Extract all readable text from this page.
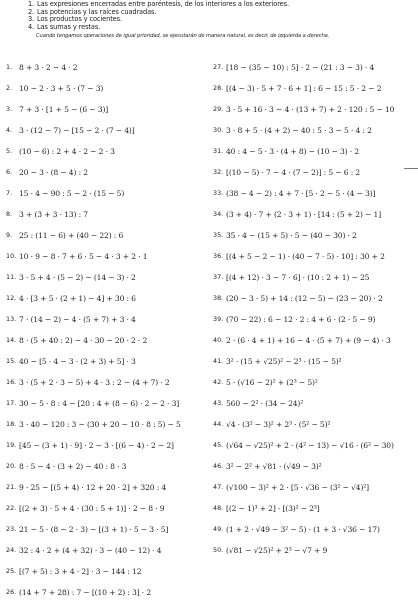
1. Las expresiones encerradas entre paréntesis, de los interiores a los exteriores.
2. Las potencias y las raíces cuadradas.
3. Los productos y cocientes.
4. Las sumas y restas.
Cuando tengamos operaciones de igual prioridad, se ejecutarán de manera natural, es decir, de izquierda a derecha.
1. 8 + 3 · 2 − 4 · 2
2. 10 − 2 · 3 + 5 · (7 − 3)
3. 7 + 3 · [1 + 5 − (6 − 3)]
4. 3 · (12 − 7) − [15 − 2 · (7 − 4)]
5. (10 − 6) : 2 + 4 · 2 − 2 · 3
6. 20 − 3 · (8 − 4) : 2
7. 15 · 4 − 90 : 5 − 2 · (15 − 5)
8. 3 + (3 + 3 · 13) : 7
9. 25 : (11 − 6) + (40 − 22) : 6
10. 10 · 9 − 8 · 7 + 6 · 5 − 4 · 3 + 2 · 1
11. 3 · 5 + 4 · (5 − 2) − (14 − 3) · 2
12. 4 · [3 + 5 · (2 + 1) − 4] + 30 : 6
13. 7 · (14 − 2) − 4 · (5 + 7) + 3 · 4
14. 8 · (5 + 40 : 2) − 4 · 30 − 20 · 2 · 2
15. 40 − [5 · 4 − 3 · (2 + 3) + 5] · 3
16. 3 · (5 + 2 · 3 − 5) + 4 · 3 : 2 − (4 + 7) · 2
17. 30 − 5 · 8 : 4 − [20 : 4 + (8 − 6) · 2 − 2 · 3]
18. 3 · 40 − 120 : 3 − (30 + 20 − 10 · 8 : 5) − 5
19. [45 − (3 + 1) · 9] · 2 − 3 · [(6 − 4) · 2 − 2]
20. 8 · 5 − 4 · (3 + 2) − 40 : 8 · 3
21. 9 · 25 − [(5 + 4) · 12 + 20 · 2] + 320 : 4
22. [(2 + 3) · 5 + 4 · (30 : 5 + 1)] · 2 − 8 · 9
23. 21 − 5 · (8 − 2 · 3) − [(3 + 1) · 5 − 3 · 5]
24. 32 : 4 · 2 + (4 + 32) · 3 − (40 − 12) · 4
25. [(7 + 5) : 3 + 4 · 2] · 3 − 144 : 12
26. (14 + 7 + 28) : 7 − [(10 + 2) : 3] · 2
27. [18 − (35 − 10) : 5] · 2 − (21 : 3 − 3) · 4
28. [(4 − 3) · 5 + 7 · 6 + 1] : 6 − 15 : 5 · 2 − 2
29. 3 · 5 + 16 · 3 − 4 · (13 + 7) + 2 · 120 : 5 − 10
30. 3 · 8 + 5 · (4 + 2) − 40 : 5 · 3 − 5 · 4 : 2
31. 40 : 4 − 5 · 3 · (4 + 8) − (10 − 3) · 2
32. [(10 − 5) · 7 − 4 · (7 − 2)] : 5 − 6 : 2
33. (38 − 4 − 2) : 4 + 7 · [5 · 2 − 5 · (4 − 3)]
34. (3 + 4) · 7 + (2 · 3 + 1) · [14 : (5 + 2) − 1]
35. 35 · 4 − (15 + 5) · 5 − (40 − 30) · 2
36. [(4 + 5 − 2 − 1) · (40 − 7 · 5) · 10] : 30 + 2
37. [(4 + 12) · 3 − 7 · 6] · (10 : 2 + 1) − 25
38. (20 − 3 · 5) + 14 : (12 − 5) − (23 − 20) · 2
39. (70 − 22) : 6 − 12 · 2 : 4 + 6 · (2 · 5 − 9)
40. 2 · (6 · 4 + 1) + 16 − 4 · (5 + 7) + (9 − 4) · 3
41. 3² · (15 + √25)² − 2³ · (15 − 5)²
42. 5 · (√16 − 2)² + (2³ − 5)²
43. 560 − 2² · (34 − 24)²
44. √4 · (3² − 3)² + 2³ · (5² − 5)²
45. (√64 − √25)² + 2 · (4² − 13) − √16 · (6² − 30)
46. 3² − 2² + √81 · (√49 − 3)²
47. (√100 − 3)² + 2 · [5 · √36 − (3² − √4)²]
48. [(2 − 1)³ + 2] · [(3)² − 2³]
49. (1 + 2 · √49 − 3² − 5) · (1 + 3 · √36 − 17)
50. (√81 − √25)² + 2³ − √7 + 9
